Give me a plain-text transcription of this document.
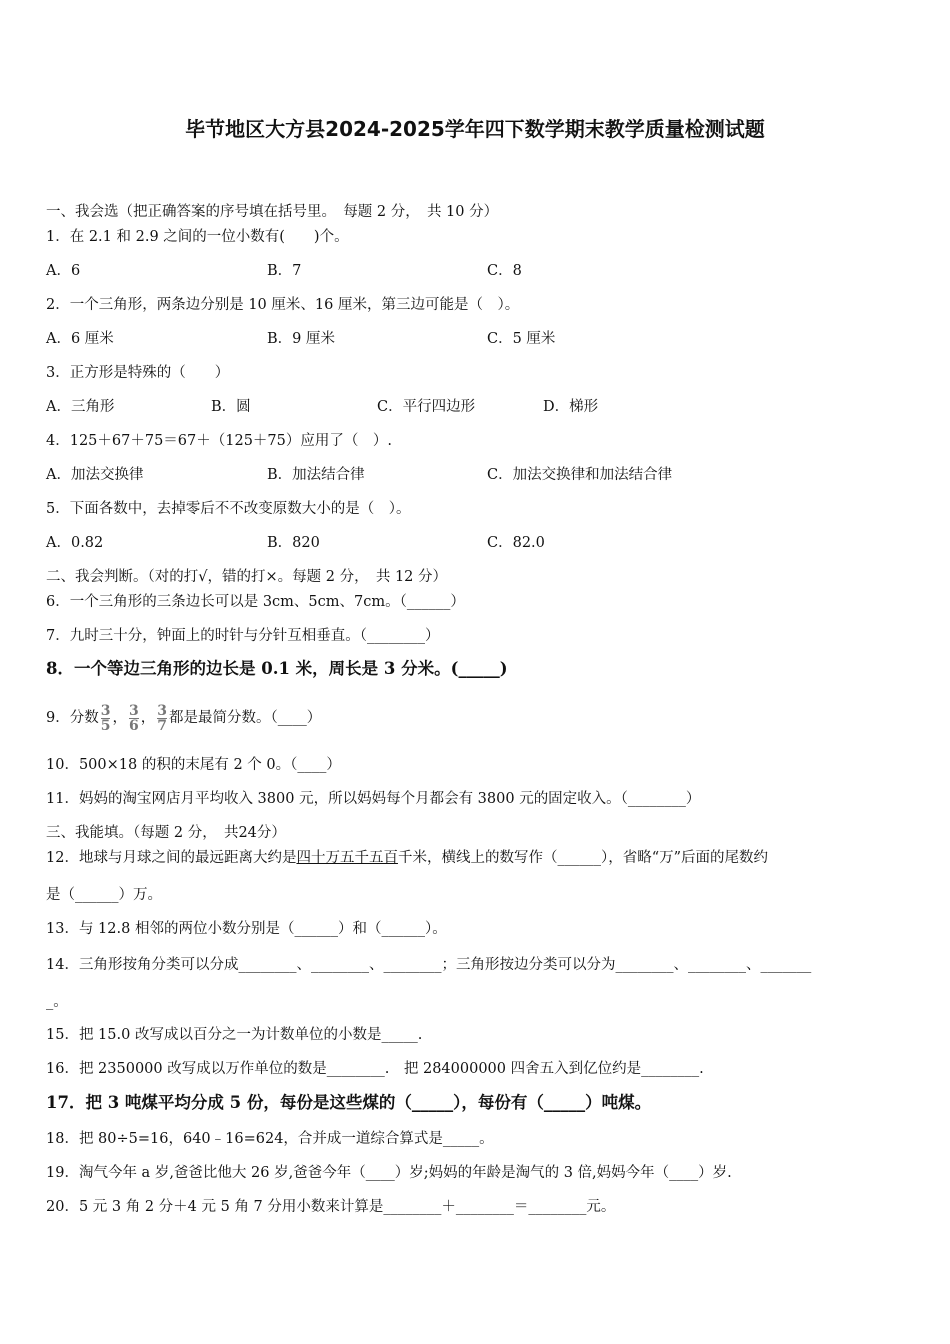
毕节地区大方县2024-2025学年四下数学期末教学质量检测试题
一、我会选（把正确答案的序号填在括号里。　每题 2 分，　共 10 分）
1．在 2.1 和 2.9 之间的一位小数有(　　)个。
A．6	B．7	C．8
2．一个三角形，两条边分别是 10 厘米、16 厘米，第三边可能是（　）。
A．6 厘米	B．9 厘米	C．5 厘米
3．正方形是特殊的（　　）
A．三角形	B．圆	C．平行四边形	D．梯形
4．125＋67＋75＝67＋（125＋75）应用了（　）.
A．加法交换律	B．加法结合律	C．加法交换律和加法结合律
5．下面各数中，去掉零后不不改变原数大小的是（　）。
A．0.82	B．820	C．82.0
二、我会判断。（对的打√，错的打×。每题 2 分，　共 12 分）
6．一个三角形的三条边长可以是 3cm、5cm、7cm。（______）
7．九时三十分，钟面上的时针与分针互相垂直。（________）
8．一个等边三角形的边长是 0.1 米，周长是 3 分米。(_____)
9．分数 $\frac{3}{5}$ ， $\frac{3}{6}$ ， $\frac{3}{7}$ 都是最简分数。（____）
10．500×18 的积的末尾有 2 个 0。（____）
11．妈妈的淘宝网店月平均收入 3800 元，所以妈妈每个月都会有 3800 元的固定收入。（________）
三、我能填。（每题 2 分，　共24分）
12．地球与月球之间的最远距离大约是四十万五千五百千米，横线上的数写作（______），省略“万”后面的尾数约
是（______）万。
13．与 12.8 相邻的两位小数分别是（______）和（______）。
14．三角形按角分类可以分成________、________、________；三角形按边分类可以分为________、________、_______
_。
15．把 15.0 改写成以百分之一为计数单位的小数是_____.
16．把 2350000 改写成以万作单位的数是________.　把 284000000 四舍五入到亿位约是________.
17．把 3 吨煤平均分成 5 份，每份是这些煤的（_____），每份有（_____）吨煤。
18．把 80÷5=16，640﹣16=624，合并成一道综合算式是_____。
19．淘气今年 a 岁,爸爸比他大 26 岁,爸爸今年（____）岁;妈妈的年龄是淘气的 3 倍,妈妈今年（____）岁.
20．5 元 3 角 2 分＋4 元 5 角 7 分用小数来计算是________＋________＝________元。
